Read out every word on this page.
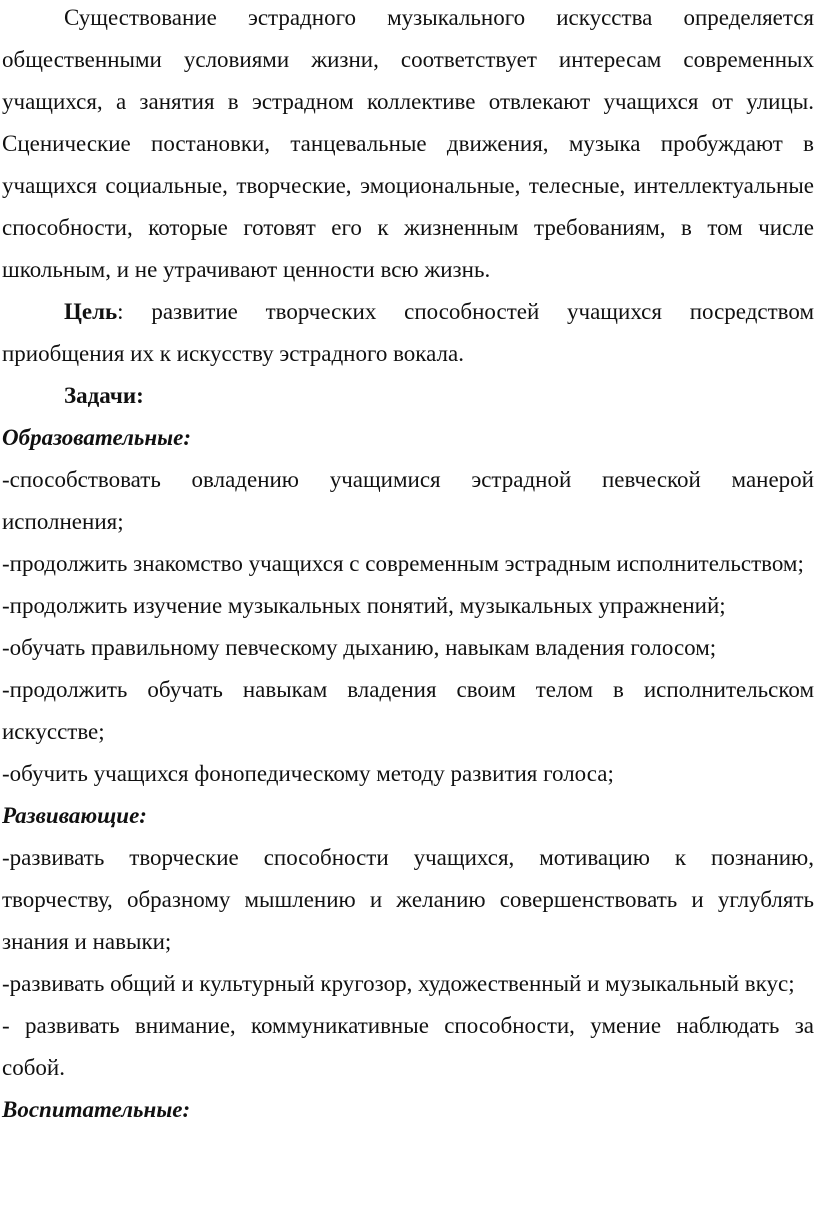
Существование эстрадного музыкального искусства определяется общественными условиями жизни, соответствует интересам современных учащихся, а занятия в эстрадном коллективе отвлекают учащихся от улицы. Сценические постановки, танцевальные движения, музыка пробуждают в учащихся социальные, творческие, эмоциональные, телесные, интеллектуальные способности, которые готовят его к жизненным требованиям, в том числе школьным, и не утрачивают ценности всю жизнь.

Цель: развитие творческих способностей учащихся посредством приобщения их к искусству эстрадного вокала.

Задачи:

Образовательные:

-способствовать овладению учащимися эстрадной певческой манерой исполнения;

-продолжить знакомство учащихся с современным эстрадным исполнительством;

-продолжить изучение музыкальных понятий, музыкальных упражнений;

-обучать правильному певческому дыханию, навыкам владения голосом;

-продолжить обучать навыкам владения своим телом в исполнительском искусстве;

-обучить учащихся фонопедическому методу развития голоса;

Развивающие:

-развивать творческие способности учащихся, мотивацию к познанию, творчеству, образному мышлению и желанию совершенствовать и углублять знания и навыки;

-развивать общий и культурный кругозор, художественный и музыкальный вкус;

- развивать внимание, коммуникативные способности, умение наблюдать за собой.

Воспитательные:
